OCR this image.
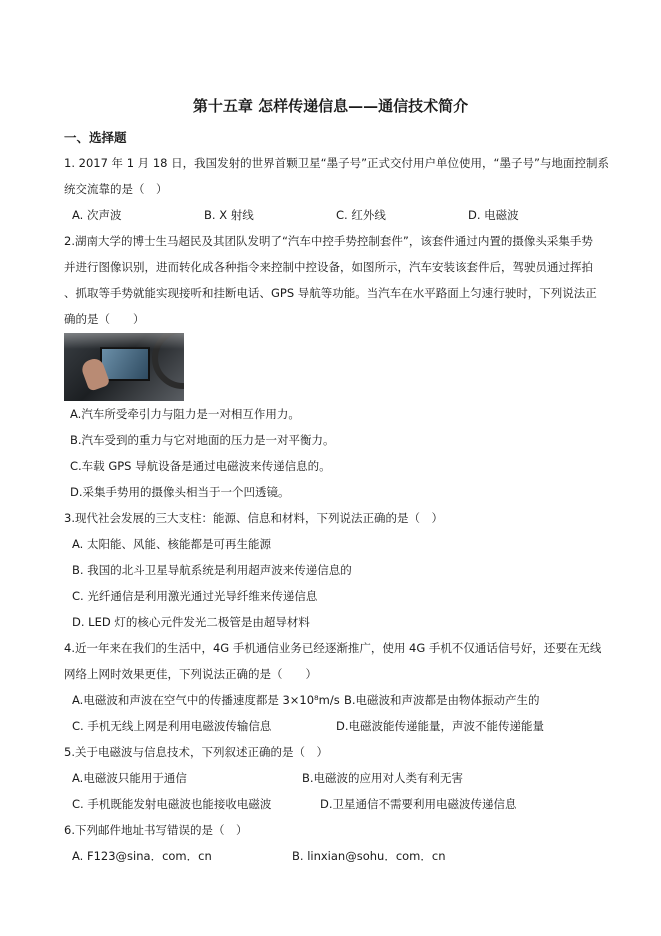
第十五章 怎样传递信息——通信技术简介
一、选择题
1. 2017 年 1 月 18 日，我国发射的世界首颗卫星“墨子号”正式交付用户单位使用，“墨子号”与地面控制系
统交流靠的是（　）
A. 次声波	B. X 射线	C. 红外线	D. 电磁波
2.湖南大学的博士生马超民及其团队发明了“汽车中控手势控制套件”，该套件通过内置的摄像头采集手势
并进行图像识别，进而转化成各种指令来控制中控设备，如图所示，汽车安装该套件后，驾驶员通过挥拍
、抓取等手势就能实现接听和挂断电话、GPS 导航等功能。当汽车在水平路面上匀速行驶时，下列说法正
确的是（　　）
A.汽车所受牵引力与阻力是一对相互作用力。
B.汽车受到的重力与它对地面的压力是一对平衡力。
C.车载 GPS 导航设备是通过电磁波来传递信息的。
D.采集手势用的摄像头相当于一个凹透镜。
3.现代社会发展的三大支柱：能源、信息和材料，下列说法正确的是（　）
A. 太阳能、风能、核能都是可再生能源
B. 我国的北斗卫星导航系统是利用超声波来传递信息的
C. 光纤通信是利用激光通过光导纤维来传递信息
D. LED 灯的核心元件发光二极管是由超导材料
4.近一年来在我们的生活中，4G 手机通信业务已经逐渐推广，使用 4G 手机不仅通话信号好，还要在无线
网络上网时效果更佳，下列说法正确的是（　　）
A.电磁波和声波在空气中的传播速度都是 3×10⁸m/s B.电磁波和声波都是由物体振动产生的
C. 手机无线上网是利用电磁波传输信息	D.电磁波能传递能量，声波不能传递能量
5.关于电磁波与信息技术，下列叙述正确的是（　）
A.电磁波只能用于通信	B.电磁波的应用对人类有利无害
C. 手机既能发射电磁波也能接收电磁波	D.卫星通信不需要利用电磁波传递信息
6.下列邮件地址书写错误的是（　）
A. F123@sina．com．cn	B. linxian@sohu．com．cn
